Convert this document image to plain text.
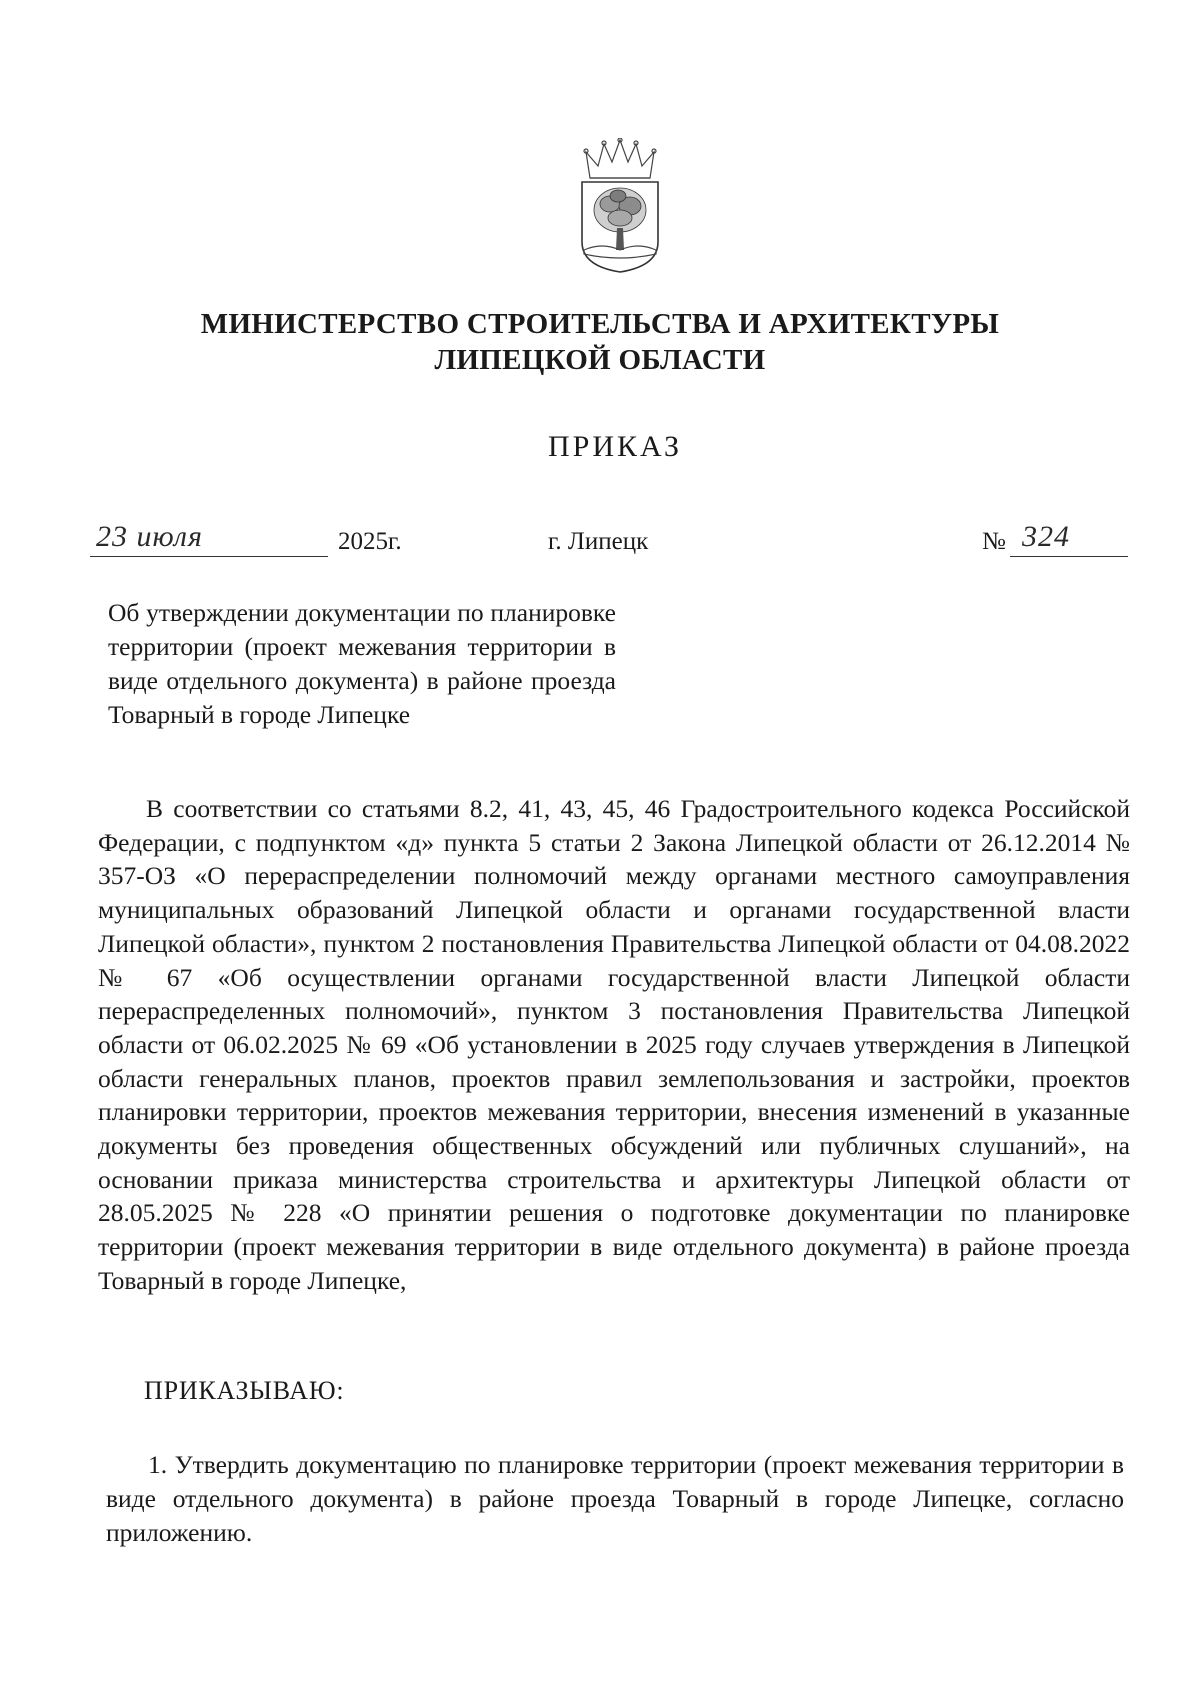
МИНИСТЕРСТВО СТРОИТЕЛЬСТВА И АРХИТЕКТУРЫ
ЛИПЕЦКОЙ ОБЛАСТИ
ПРИКАЗ
23 июля	2025г.	г. Липецк	№ 324
Об утверждении документации по планировке территории (проект межевания территории в виде отдельного документа) в районе проезда Товарный в городе Липецке
В соответствии со статьями 8.2, 41, 43, 45, 46 Градостроительного кодекса Российской Федерации, с подпунктом «д» пункта 5 статьи 2 Закона Липецкой области от 26.12.2014 № 357-ОЗ «О перераспределении полномочий между органами местного самоуправления муниципальных образований Липецкой области и органами государственной власти Липецкой области», пунктом 2 постановления Правительства Липецкой области от 04.08.2022 № 67 «Об осуществлении органами государственной власти Липецкой области перераспределенных полномочий», пунктом 3 постановления Правительства Липецкой области от 06.02.2025 № 69 «Об установлении в 2025 году случаев утверждения в Липецкой области генеральных планов, проектов правил землепользования и застройки, проектов планировки территории, проектов межевания территории, внесения изменений в указанные документы без проведения общественных обсуждений или публичных слушаний», на основании приказа министерства строительства и архитектуры Липецкой области от 28.05.2025 № 228 «О принятии решения о подготовке документации по планировке территории (проект межевания территории в виде отдельного документа) в районе проезда Товарный в городе Липецке,
ПРИКАЗЫВАЮ:
1. Утвердить документацию по планировке территории (проект межевания территории в виде отдельного документа) в районе проезда Товарный в городе Липецке, согласно приложению.
